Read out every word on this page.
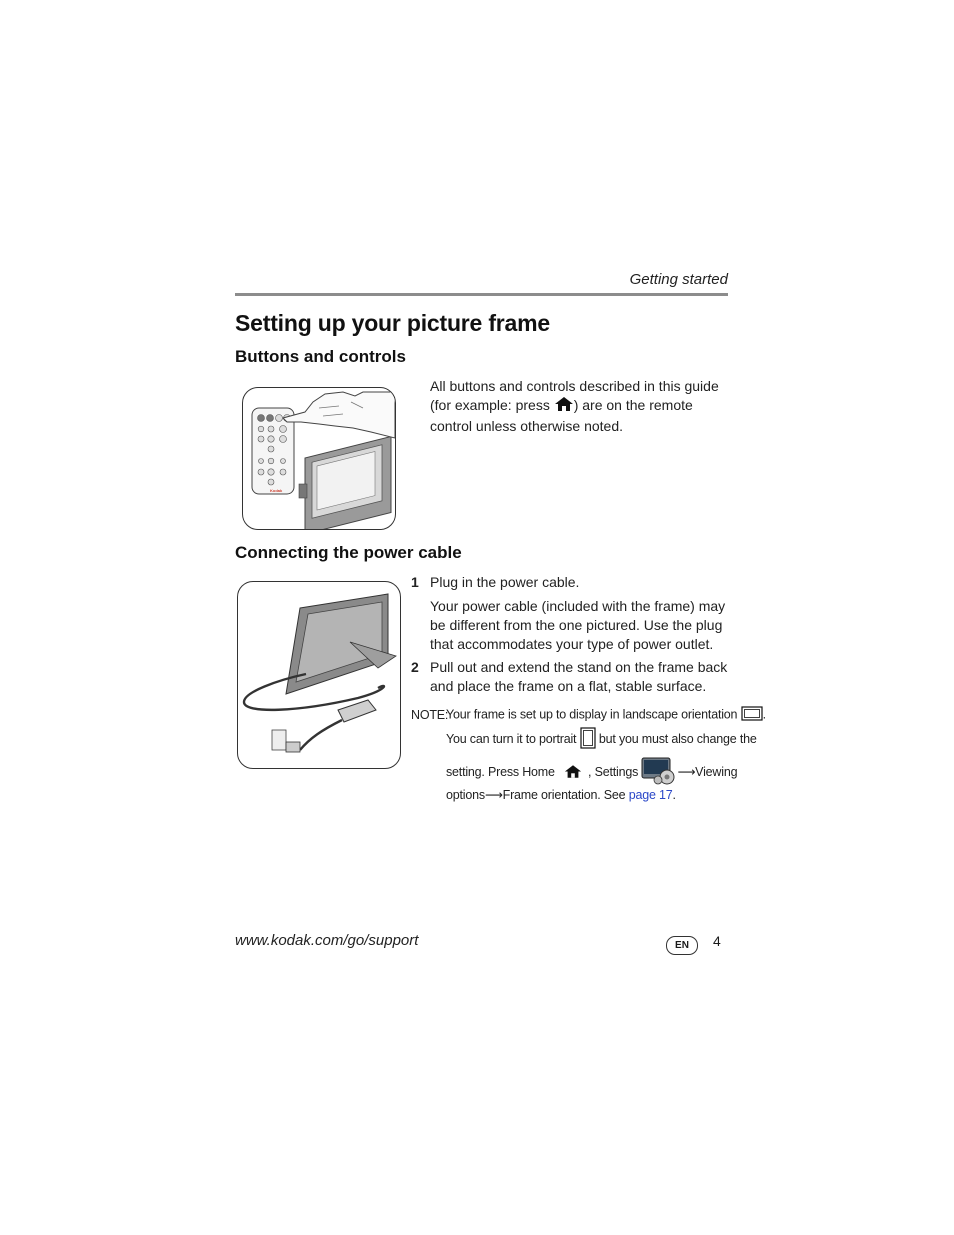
Getting started
Setting up your picture frame
Buttons and controls
Kodak
All buttons and controls described in this guide (for example: press ) are on the remote control unless otherwise noted.
Connecting the power cable
1 Plug in the power cable.
Your power cable (included with the frame) may be different from the one pictured. Use the plug that accommodates your type of power outlet.
2 Pull out and extend the stand on the frame back and place the frame on a flat, stable surface.
NOTE:
Your frame is set up to display in landscape orientation .
You can turn it to portrait but you must also change the
setting. Press Home	, Settings	⟶Viewing
options⟶Frame orientation. See page 17.
www.kodak.com/go/support	EN	4
